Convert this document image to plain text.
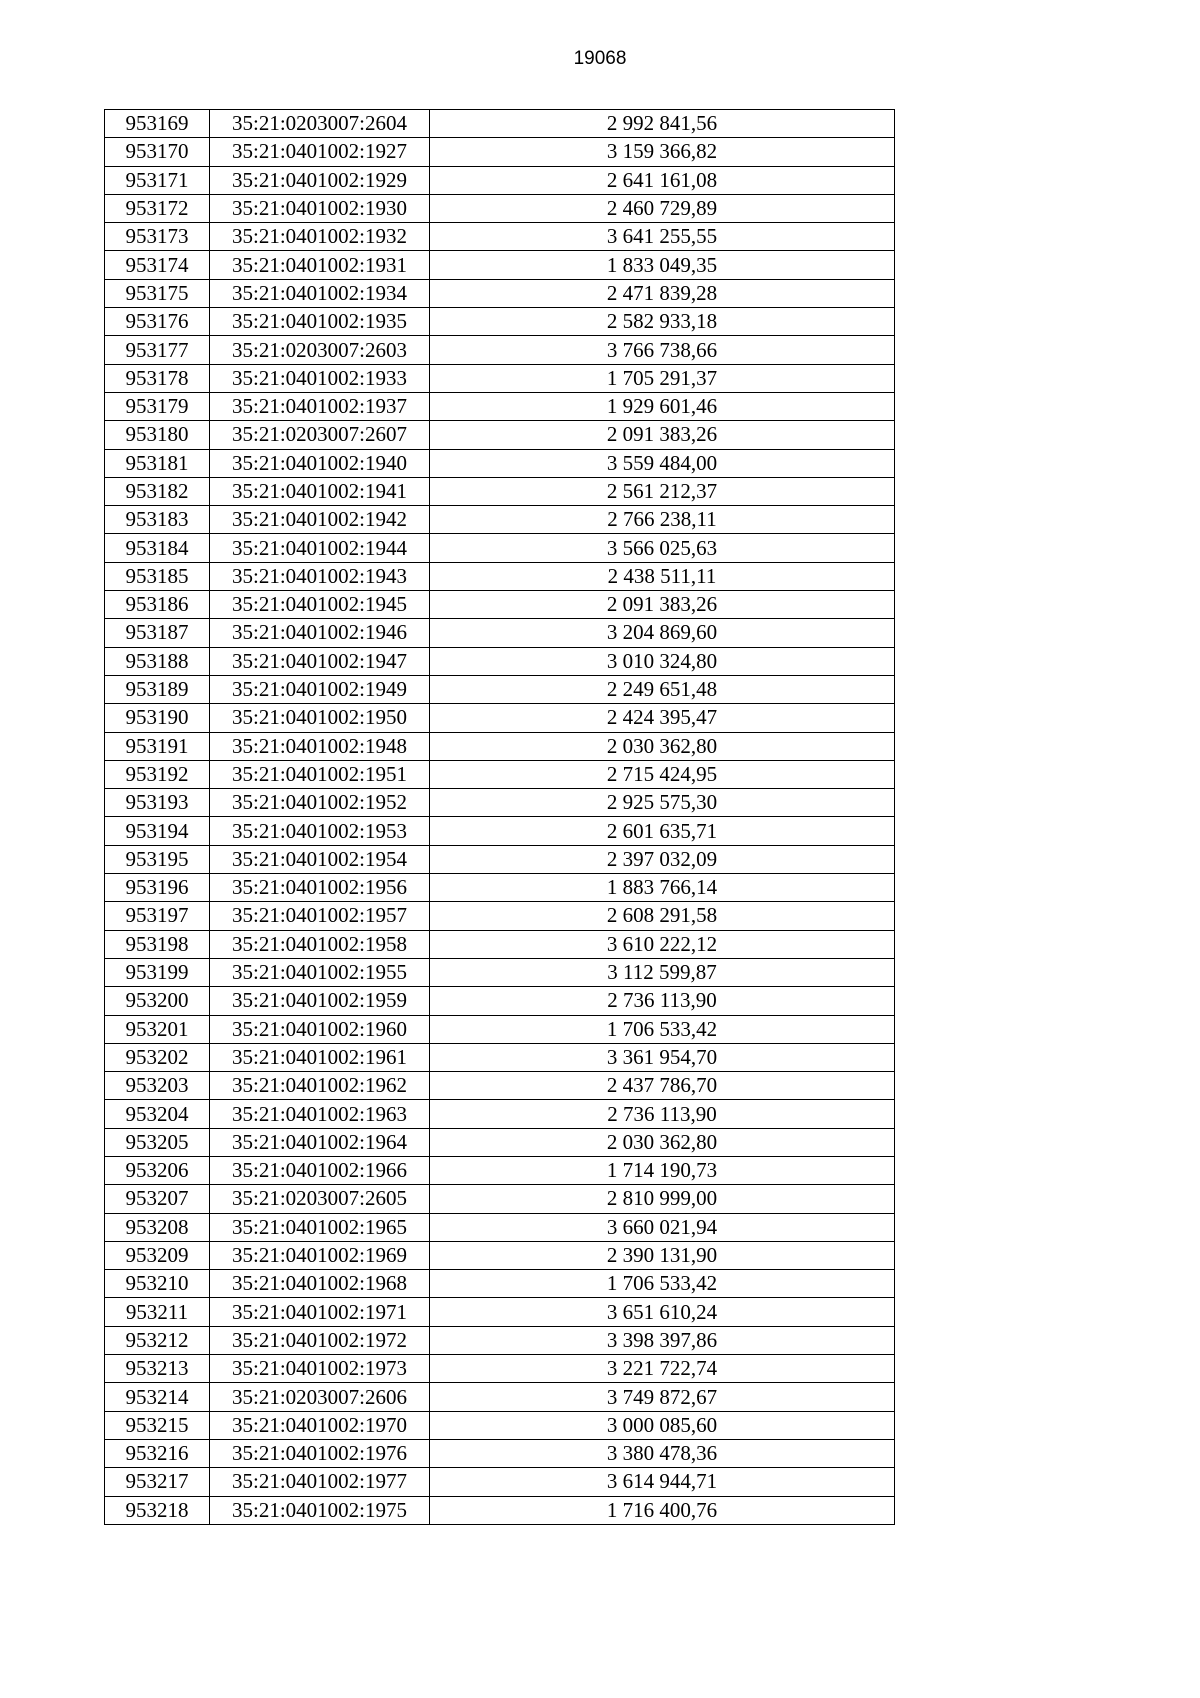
19068
953169	35:21:0203007:2604	2 992 841,56
953170	35:21:0401002:1927	3 159 366,82
953171	35:21:0401002:1929	2 641 161,08
953172	35:21:0401002:1930	2 460 729,89
953173	35:21:0401002:1932	3 641 255,55
953174	35:21:0401002:1931	1 833 049,35
953175	35:21:0401002:1934	2 471 839,28
953176	35:21:0401002:1935	2 582 933,18
953177	35:21:0203007:2603	3 766 738,66
953178	35:21:0401002:1933	1 705 291,37
953179	35:21:0401002:1937	1 929 601,46
953180	35:21:0203007:2607	2 091 383,26
953181	35:21:0401002:1940	3 559 484,00
953182	35:21:0401002:1941	2 561 212,37
953183	35:21:0401002:1942	2 766 238,11
953184	35:21:0401002:1944	3 566 025,63
953185	35:21:0401002:1943	2 438 511,11
953186	35:21:0401002:1945	2 091 383,26
953187	35:21:0401002:1946	3 204 869,60
953188	35:21:0401002:1947	3 010 324,80
953189	35:21:0401002:1949	2 249 651,48
953190	35:21:0401002:1950	2 424 395,47
953191	35:21:0401002:1948	2 030 362,80
953192	35:21:0401002:1951	2 715 424,95
953193	35:21:0401002:1952	2 925 575,30
953194	35:21:0401002:1953	2 601 635,71
953195	35:21:0401002:1954	2 397 032,09
953196	35:21:0401002:1956	1 883 766,14
953197	35:21:0401002:1957	2 608 291,58
953198	35:21:0401002:1958	3 610 222,12
953199	35:21:0401002:1955	3 112 599,87
953200	35:21:0401002:1959	2 736 113,90
953201	35:21:0401002:1960	1 706 533,42
953202	35:21:0401002:1961	3 361 954,70
953203	35:21:0401002:1962	2 437 786,70
953204	35:21:0401002:1963	2 736 113,90
953205	35:21:0401002:1964	2 030 362,80
953206	35:21:0401002:1966	1 714 190,73
953207	35:21:0203007:2605	2 810 999,00
953208	35:21:0401002:1965	3 660 021,94
953209	35:21:0401002:1969	2 390 131,90
953210	35:21:0401002:1968	1 706 533,42
953211	35:21:0401002:1971	3 651 610,24
953212	35:21:0401002:1972	3 398 397,86
953213	35:21:0401002:1973	3 221 722,74
953214	35:21:0203007:2606	3 749 872,67
953215	35:21:0401002:1970	3 000 085,60
953216	35:21:0401002:1976	3 380 478,36
953217	35:21:0401002:1977	3 614 944,71
953218	35:21:0401002:1975	1 716 400,76
